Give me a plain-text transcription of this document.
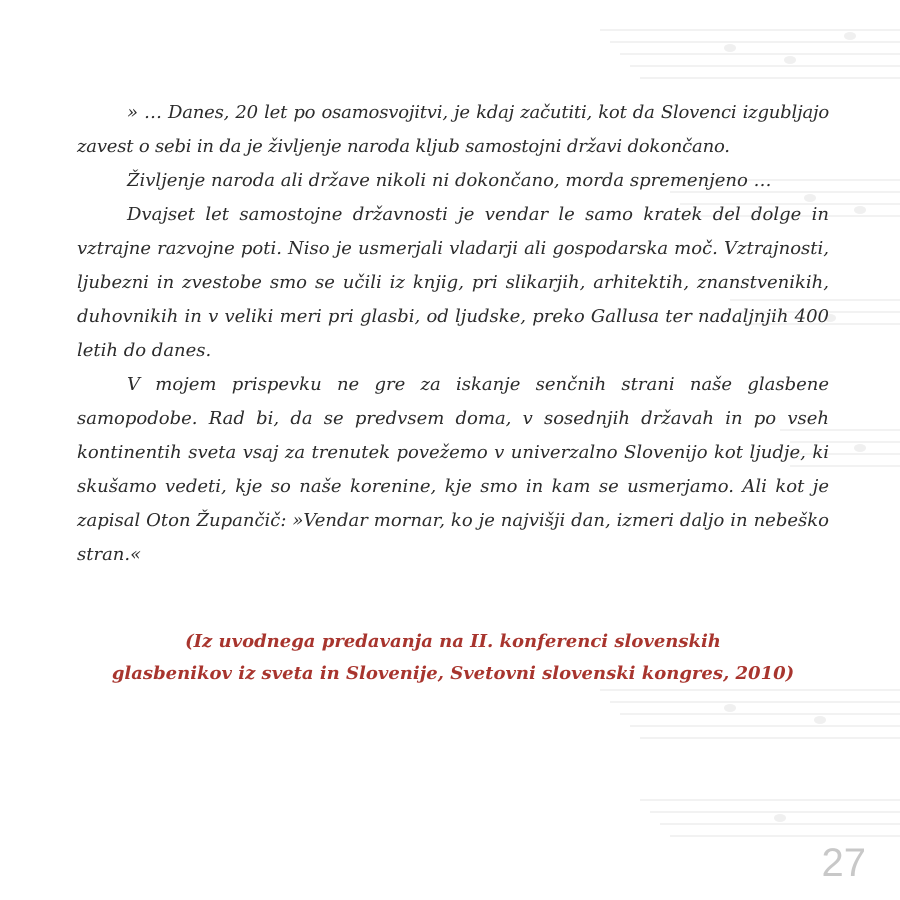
» … Danes, 20 let po osamosvojitvi, je kdaj začutiti, kot da Slovenci izgubljajo zavest o sebi in da je življenje naroda kljub samostojni državi dokončano.

Življenje naroda ali države nikoli ni dokončano, morda spremenjeno …

Dvajset let samostojne državnosti je vendar le samo kratek del dolge in vztrajne razvojne poti. Niso je usmerjali vladarji ali gospodarska moč. Vztrajnosti, ljubezni in zvestobe smo se učili iz knjig, pri slikarjih, arhitektih, znanstvenikih, duhovnikih in v veliki meri pri glasbi, od ljudske, preko Gallusa ter nadaljnjih 400 letih do danes.

V mojem prispevku ne gre za iskanje senčnih strani naše glasbene samopodobe. Rad bi, da se predvsem doma, v sosednjih državah in po vseh kontinentih sveta vsaj za trenutek povežemo v univerzalno Slovenijo kot ljudje, ki skušamo vedeti, kje so naše korenine, kje smo in kam se usmerjamo. Ali kot je zapisal Oton Župančič: »Vendar mornar, ko je najvišji dan, izmeri daljo in nebeško stran.«

(Iz uvodnega predavanja na II. konferenci slovenskih
glasbenikov iz sveta in Slovenije, Svetovni slovenski kongres, 2010)
27
